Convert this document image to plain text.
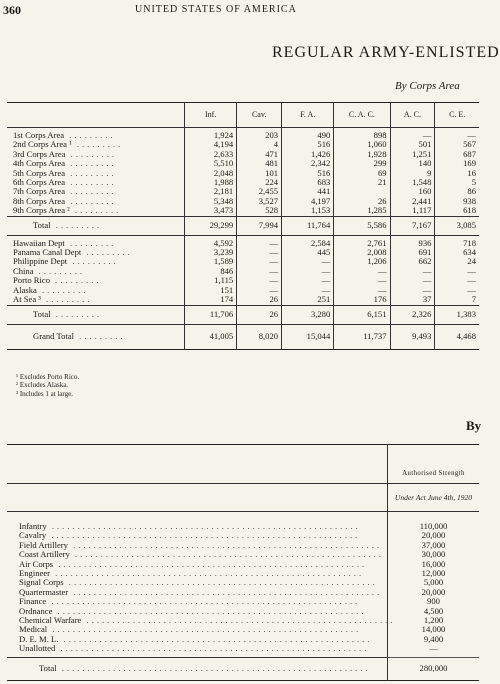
360	UNITED STATES OF AMERICA
REGULAR ARMY-ENLISTED
By Corps Area
	Inf.	Cav.	F. A.	C. A. C.	A. C.	C. E.
1st Corps Area .........	1,924	203	490	898	—	—
2nd Corps Area ¹ .........	4,194	4	516	1,060	501	567
3rd Corps Area .........	2,633	471	1,426	1,928	1,251	687
4th Corps Area .........	5,510	481	2,342	299	140	169
5th Corps Area .........	2,048	101	516	69	9	16
6th Corps Area .........	1,988	224	683	21	1,548	5
7th Corps Area .........	2,181	2,455	441		160	86
8th Corps Area .........	5,348	3,527	4,197	26	2,441	938
9th Corps Area ² .........	3,473	528	1,153	1,285	1,117	618
Total .........	29,299	7,994	11,764	5,586	7,167	3,085
Hawaiian Dept .........	4,592	—	2,584	2,761	936	718
Panama Canal Dept .........	3,239	—	445	2,008	691	634
Philippine Dept .........	1,589	—	—	1,206	662	24
China .........	846	—	—	—	—	—
Porto Rico .........	1,115	—	—	—	—	—
Alaska .........	151	—	—	—	—	—
At Sea ³ .........	174	26	251	176	37	7
Total .........	11,706	26	3,280	6,151	2,326	1,383
Grand Total .........	41,005	8,020	15,044	11,737	9,493	4,468
¹ Excludes Porto Rico.
² Excludes Alaska.
³ Includes 1 at large.
By
	Authorised Strength
	Under Act June 4th, 1920
Infantry ............................................................	110,000
Cavalry ............................................................	20,000
Field Artillery ............................................................	37,000
Coast Artillery ............................................................	30,000
Air Corps ............................................................	16,000
Engineer ............................................................	12,000
Signal Corps ............................................................	5,000
Quartermaster ............................................................	20,000
Finance ............................................................	900
Ordnance ............................................................	4,500
Chemical Warfare ............................................................	1,200
Medical ............................................................	14,000
D. E. M. L. ............................................................	9,400
Unallotted ............................................................	—
Total ............................................................	280,000
